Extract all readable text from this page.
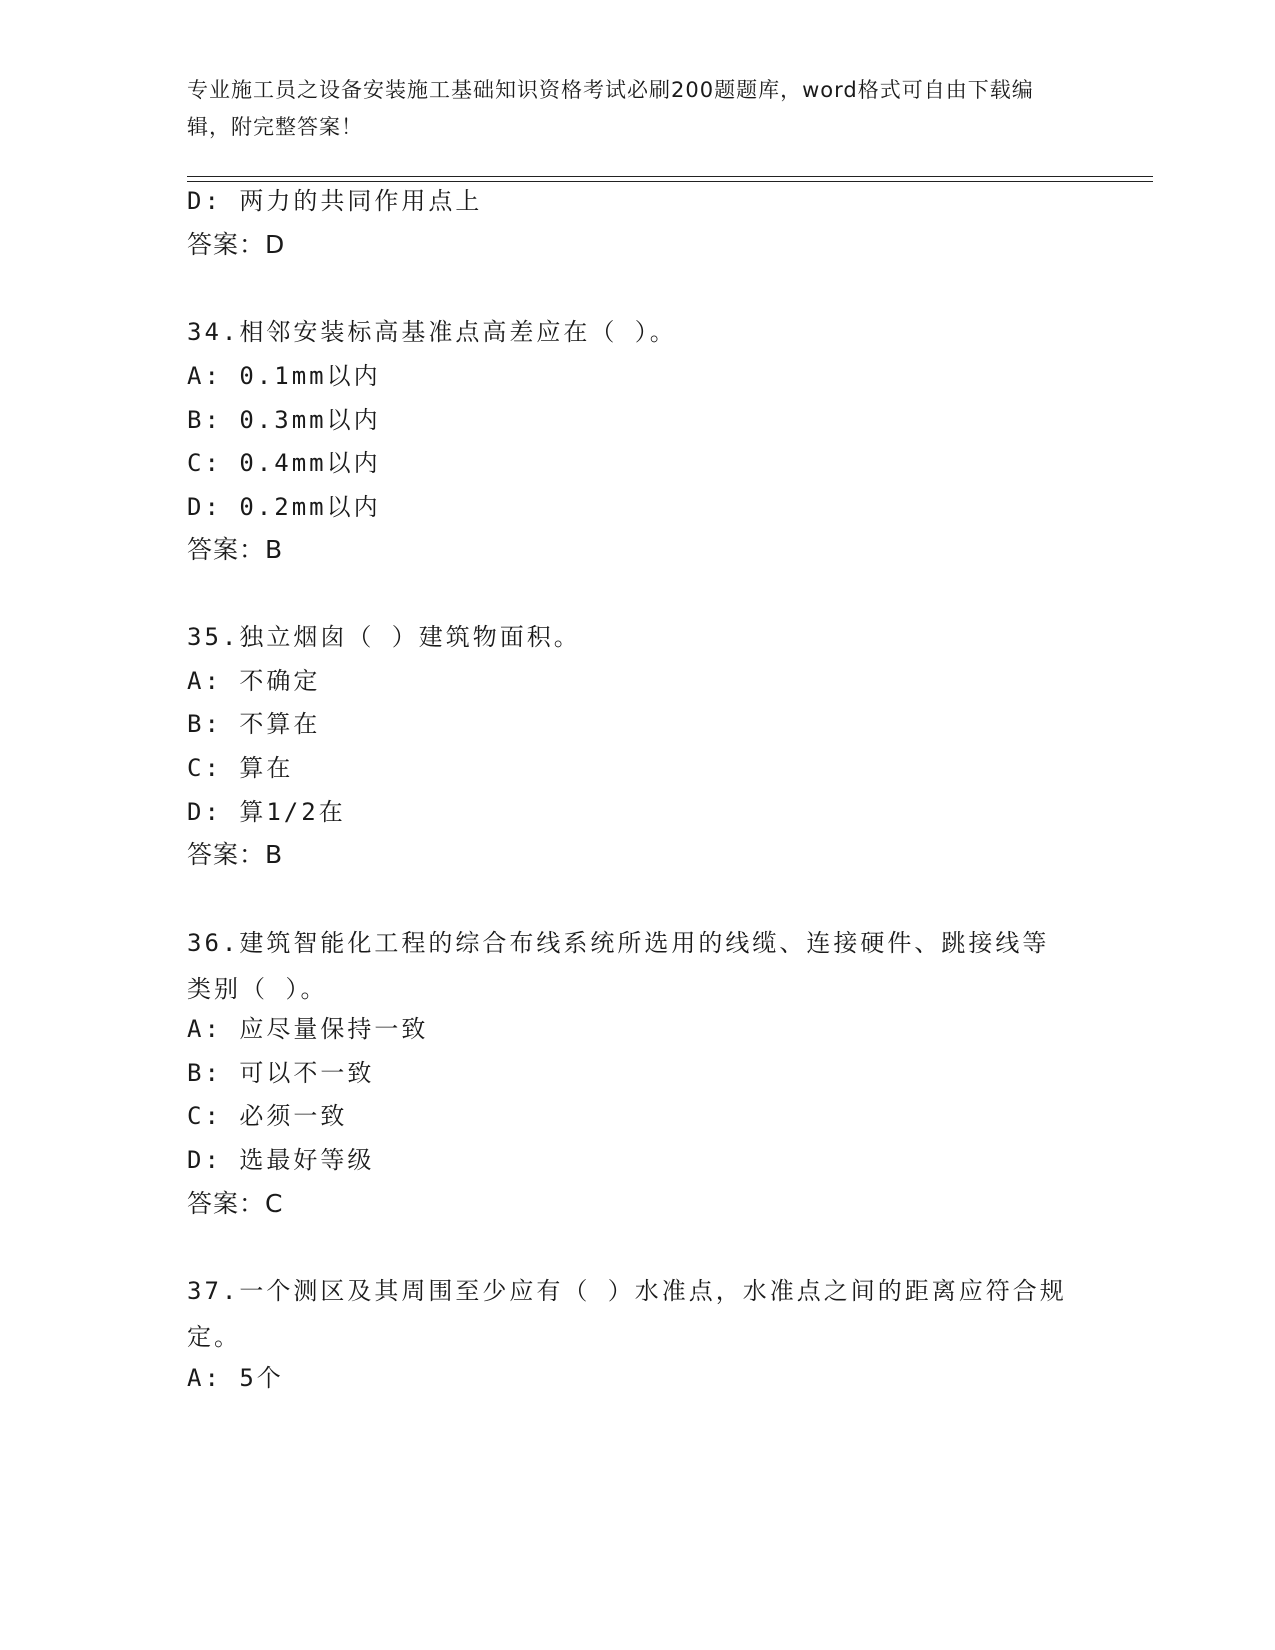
专业施工员之设备安装施工基础知识资格考试必刷200题题库，word格式可自由下载编辑，附完整答案！
D: 两力的共同作用点上
答案：D
34.相邻安装标高基准点高差应在（ ）。
A: 0.1mm以内
B: 0.3mm以内
C: 0.4mm以内
D: 0.2mm以内
答案：B
35.独立烟囱（ ）建筑物面积。
A: 不确定
B: 不算在
C: 算在
D: 算1/2在
答案：B
36.建筑智能化工程的综合布线系统所选用的线缆、连接硬件、跳接线等类别（ ）。
A: 应尽量保持一致
B: 可以不一致
C: 必须一致
D: 选最好等级
答案：C
37.一个测区及其周围至少应有（ ）水准点，水准点之间的距离应符合规定。
A: 5个
